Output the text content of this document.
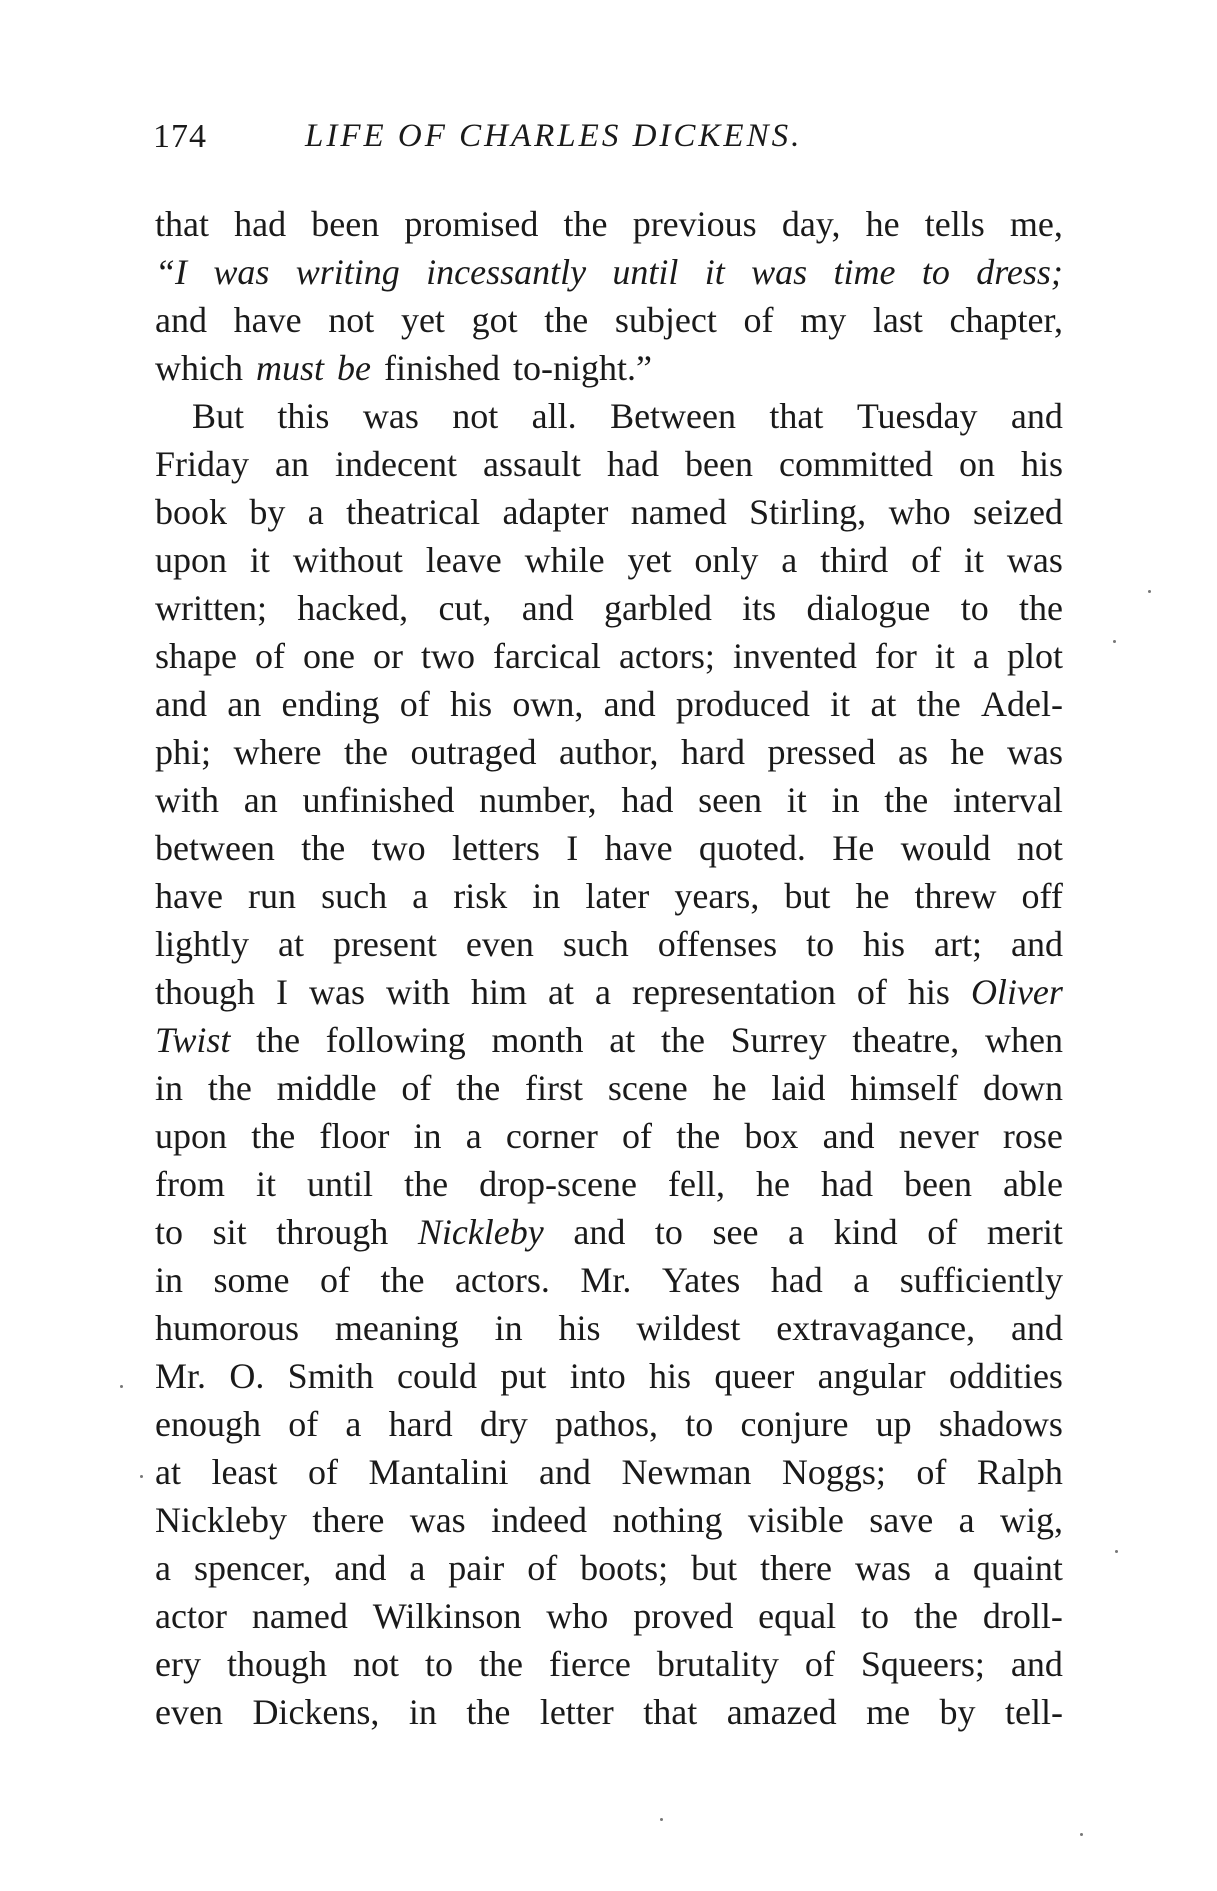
174	LIFE OF CHARLES DICKENS.
that had been promised the previous day, he tells me,
“I was writing incessantly until it was time to dress;
and have not yet got the subject of my last chapter,
which must be finished to-night.”
But this was not all. Between that Tuesday and
Friday an indecent assault had been committed on his
book by a theatrical adapter named Stirling, who seized
upon it without leave while yet only a third of it was
written; hacked, cut, and garbled its dialogue to the
shape of one or two farcical actors; invented for it a plot
and an ending of his own, and produced it at the Adel-
phi; where the outraged author, hard pressed as he was
with an unfinished number, had seen it in the interval
between the two letters I have quoted. He would not
have run such a risk in later years, but he threw off
lightly at present even such offenses to his art; and
though I was with him at a representation of his Oliver
Twist the following month at the Surrey theatre, when
in the middle of the first scene he laid himself down
upon the floor in a corner of the box and never rose
from it until the drop-scene fell, he had been able
to sit through Nickleby and to see a kind of merit
in some of the actors. Mr. Yates had a sufficiently
humorous meaning in his wildest extravagance, and
Mr. O. Smith could put into his queer angular oddities
enough of a hard dry pathos, to conjure up shadows
at least of Mantalini and Newman Noggs; of Ralph
Nickleby there was indeed nothing visible save a wig,
a spencer, and a pair of boots; but there was a quaint
actor named Wilkinson who proved equal to the droll-
ery though not to the fierce brutality of Squeers; and
even Dickens, in the letter that amazed me by tell-
